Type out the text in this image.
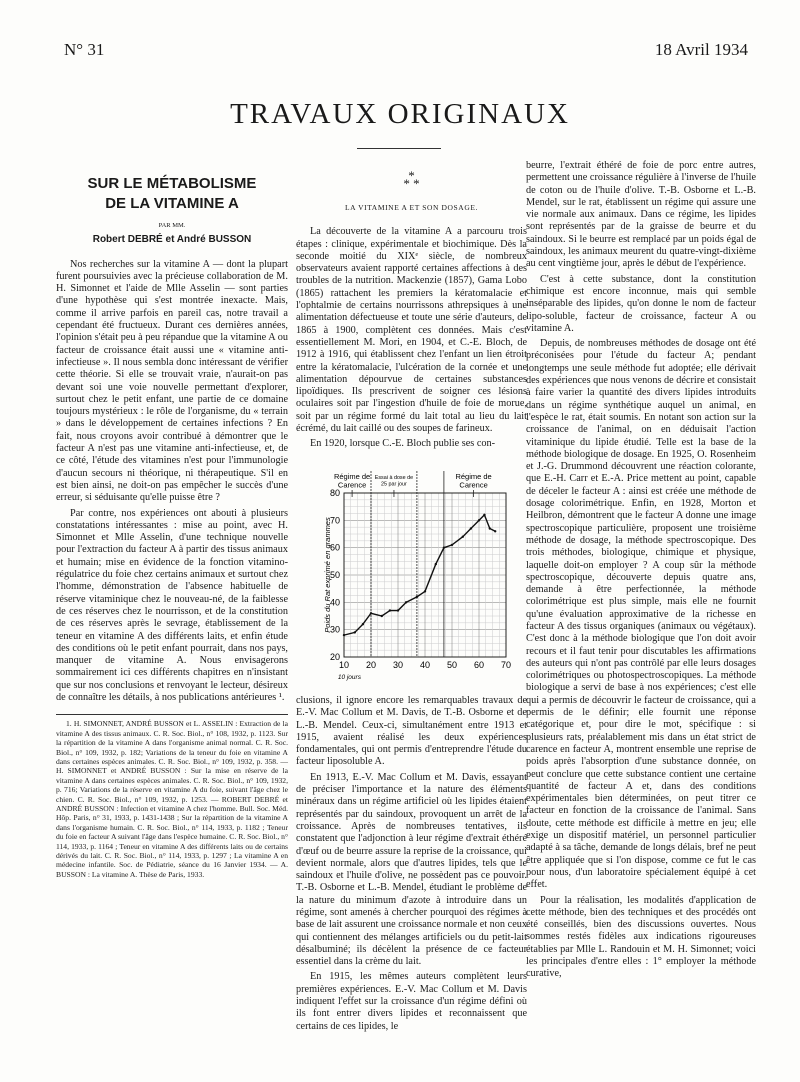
N° 31	18 Avril 1934
TRAVAUX ORIGINAUX
SUR LE MÉTABOLISME
DE LA VITAMINE A
PAR MM.
Robert DEBRÉ et André BUSSON

Nos recherches sur la vitamine A — dont la plupart furent poursuivies avec la précieuse collaboration de M. H. Simonnet et l'aide de Mlle Asselin — sont parties d'une hypothèse qui s'est montrée inexacte. Mais, comme il arrive parfois en pareil cas, notre travail a cependant été fructueux. Durant ces dernières années, l'opinion s'était peu à peu répandue que la vitamine A ou facteur de croissance était aussi une « vitamine anti-infectieuse ». Il nous sembla donc intéressant de vérifier cette théorie. Si elle se trouvait vraie, n'aurait-on pas devant soi une voie nouvelle permettant d'explorer, surtout chez le petit enfant, une partie de ce domaine toujours mystérieux : le rôle de l'organisme, du « terrain » dans le développement de certaines infections ? En fait, nous croyons avoir contribué à démontrer que le facteur A n'est pas une vitamine anti-infectieuse, et, de ce côté, l'étude des vitamines n'est pour l'immunologie d'aucun secours ni théorique, ni thérapeutique. S'il en est bien ainsi, ne doit-on pas empêcher le succès d'une erreur, si séduisante qu'elle puisse être ?

Par contre, nos expériences ont abouti à plusieurs constatations intéressantes : mise au point, avec H. Simonnet et Mlle Asselin, d'une technique nouvelle pour l'extraction du facteur A à partir des tissus animaux et humain; mise en évidence de la fonction vitamino-régulatrice du foie chez certains animaux et surtout chez l'homme, démonstration de l'absence habituelle de réserve vitaminique chez le nouveau-né, de la faiblesse de ces réserves chez le nourrisson, et de la constitution de ces réserves après le sevrage, établissement de la teneur en vitamine A des différents laits, et enfin étude des conditions où le petit enfant pourrait, dans nos pays, manquer de vitamine A. Nous envisagerons sommairement ici ces différents chapitres en n'insistant que sur nos conclusions et renvoyant le lecteur, désireux de connaître les détails, à nos publications antérieures ¹.

1. H. SIMONNET, ANDRÉ BUSSON et L. ASSELIN : Extraction de la vitamine A des tissus animaux. C. R. Soc. Biol., n° 108, 1932, p. 1123. Sur la répartition de la vitamine A dans l'organisme animal normal. C. R. Soc. Biol., n° 109, 1932, p. 182; Variations de la teneur du foie en vitamine A dans certaines espèces animales. C. R. Soc. Biol., n° 109, 1932, p. 358. — H. SIMONNET et ANDRÉ BUSSON : Sur la mise en réserve de la vitamine A dans certaines espèces animales. C. R. Soc. Biol., n° 109, 1932, p. 716; Variations de la réserve en vitamine A du foie, suivant l'âge chez le chien. C. R. Soc. Biol., n° 109, 1932, p. 1253. — ROBERT DEBRÉ et ANDRÉ BUSSON : Infection et vitamine A chez l'homme. Bull. Soc. Méd. Hôp. Paris, n° 31, 1933, p. 1431-1438 ; Sur la répartition de la vitamine A dans l'organisme humain. C. R. Soc. Biol., n° 114, 1933, p. 1182 ; Teneur du foie en facteur A suivant l'âge dans l'espèce humaine. C. R. Soc. Biol., n° 114, 1933, p. 1164 ; Teneur en vitamine A des différents laits ou de certains dérivés du lait. C. R. Soc. Biol., n° 114, 1933, p. 1297 ; La vitamine A en médecine infantile. Soc. de Pédiatrie, séance du 16 Janvier 1934. — A. BUSSON : La vitamine A. Thèse de Paris, 1933.

*
* *
LA VITAMINE A ET SON DOSAGE.

La découverte de la vitamine A a parcouru trois étapes : clinique, expérimentale et biochimique. Dès la seconde moitié du XIXᵉ siècle, de nombreux observateurs avaient rapporté certaines affections à des troubles de la nutrition. Mackenzie (1857), Gama Lobo (1865) rattachent les premiers la kératomalacie et l'ophtalmie de certains nourrissons athrepsiques à une alimentation défectueuse et toute une série d'auteurs, de 1865 à 1900, complètent ces données. Mais c'est essentiellement M. Mori, en 1904, et C.-E. Bloch, de 1912 à 1916, qui établissent chez l'enfant un lien étroit entre la kératomalacie, l'ulcération de la cornée et une alimentation dépourvue de certaines substances lipoïdiques. Ils prescrivent de soigner ces lésions oculaires soit par l'ingestion d'huile de foie de morue, soit par un régime formé du lait total au lieu du lait écrémé, du lait caillé ou des soupes de farineux.

En 1920, lorsque C.-E. Bloch publie ses con-

20
30
40
50
60
70
80
10 20 30 40 50 60 70
Poids du Rat exprimé en grammes
10 jours
Régime de Carence
Essai à dose de 25 par jour
Régime de Carence

clusions, il ignore encore les remarquables travaux de E.-V. Mac Collum et M. Davis, de T.-B. Osborne et de L.-B. Mendel. Ceux-ci, simultanément entre 1913 et 1915, avaient réalisé les deux expériences fondamentales, qui ont permis d'entreprendre l'étude du facteur liposoluble A.

En 1913, E.-V. Mac Collum et M. Davis, essayant de préciser l'importance et la nature des éléments minéraux dans un régime artificiel où les lipides étaient représentés par du saindoux, provoquent un arrêt de la croissance. Après de nombreuses tentatives, ils constatent que l'adjonction à leur régime d'extrait éthéré d'œuf ou de beurre assure la reprise de la croissance, qui devient normale, alors que d'autres lipides, tels que le saindoux et l'huile d'olive, ne possèdent pas ce pouvoir. T.-B. Osborne et L.-B. Mendel, étudiant le problème de la nature du minimum d'azote à introduire dans un régime, sont amenés à chercher pourquoi des régimes à base de lait assurent une croissance normale et non ceux qui contiennent des mélanges artificiels ou du petit-lait désalbuminé; ils décèlent la présence de ce facteur essentiel dans la crème du lait.

En 1915, les mêmes auteurs complètent leurs premières expériences. E.-V. Mac Collum et M. Davis indiquent l'effet sur la croissance d'un régime défini où ils font entrer divers lipides et reconnaissent que certains de ces lipides, le

beurre, l'extrait éthéré de foie de porc entre autres, permettent une croissance régulière à l'inverse de l'huile de coton ou de l'huile d'olive. T.-B. Osborne et L.-B. Mendel, sur le rat, établissent un régime qui assure une vie normale aux animaux. Dans ce régime, les lipides sont représentés par de la graisse de beurre et du saindoux. Si le beurre est remplacé par un poids égal de saindoux, les animaux meurent du quatre-vingt-dixième au cent vingtième jour, après le début de l'expérience.

C'est à cette substance, dont la constitution chimique est encore inconnue, mais qui semble inséparable des lipides, qu'on donne le nom de facteur lipo-soluble, facteur de croissance, facteur A ou vitamine A.

Depuis, de nombreuses méthodes de dosage ont été préconisées pour l'étude du facteur A; pendant longtemps une seule méthode fut adoptée; elle dérivait des expériences que nous venons de décrire et consistait à faire varier la quantité des divers lipides introduits dans un régime synthétique auquel un animal, en l'espèce le rat, était soumis. En notant son action sur la croissance de l'animal, on en déduisait l'action vitaminique du lipide étudié. Telle est la base de la méthode biologique de dosage. En 1925, O. Rosenheim et J.-G. Drummond découvrent une réaction colorante, que E.-H. Carr et E.-A. Price mettent au point, capable de déceler le facteur A : ainsi est créée une méthode de dosage colorimétrique. Enfin, en 1928, Morton et Heilbron, démontrent que le facteur A donne une image spectroscopique particulière, proposent une troisième méthode de dosage, la méthode spectroscopique. Des trois méthodes, biologique, chimique et physique, laquelle doit-on employer ? A coup sûr la méthode spectroscopique, découverte depuis quatre ans, demande à être perfectionnée, la méthode colorimétrique est plus simple, mais elle ne fournit qu'une évaluation approximative de la richesse en facteur A des tissus organiques (animaux ou végétaux). C'est donc à la méthode biologique que l'on doit avoir recours et il faut tenir pour discutables les affirmations des auteurs qui n'ont pas contrôlé par elle leurs dosages colorimétriques ou photospectroscopiques. La méthode biologique a servi de base à nos expériences; c'est elle qui a permis de découvrir le facteur de croissance, qui a permis de le définir; elle fournit une réponse catégorique et, pour dire le mot, spécifique : si plusieurs rats, préalablement mis dans un état strict de carence en facteur A, montrent ensemble une reprise de poids après l'absorption d'une substance donnée, on peut conclure que cette substance contient une certaine quantité de facteur A et, dans des conditions expérimentales bien déterminées, on peut titrer ce facteur en fonction de la croissance de l'animal. Sans doute, cette méthode est difficile à mettre en jeu; elle exige un dispositif matériel, un personnel particulier adapté à sa tâche, demande de longs délais, bref ne peut être appliquée que si l'on dispose, comme ce fut le cas pour nous, d'un laboratoire spécialement équipé à cet effet.

Pour la réalisation, les modalités d'application de cette méthode, bien des techniques et des procédés ont été conseillés, bien des discussions ouvertes. Nous sommes restés fidèles aux indications rigoureuses établies par Mlle L. Randouin et M. H. Simonnet; voici les principales d'entre elles : 1° employer la méthode curative,
